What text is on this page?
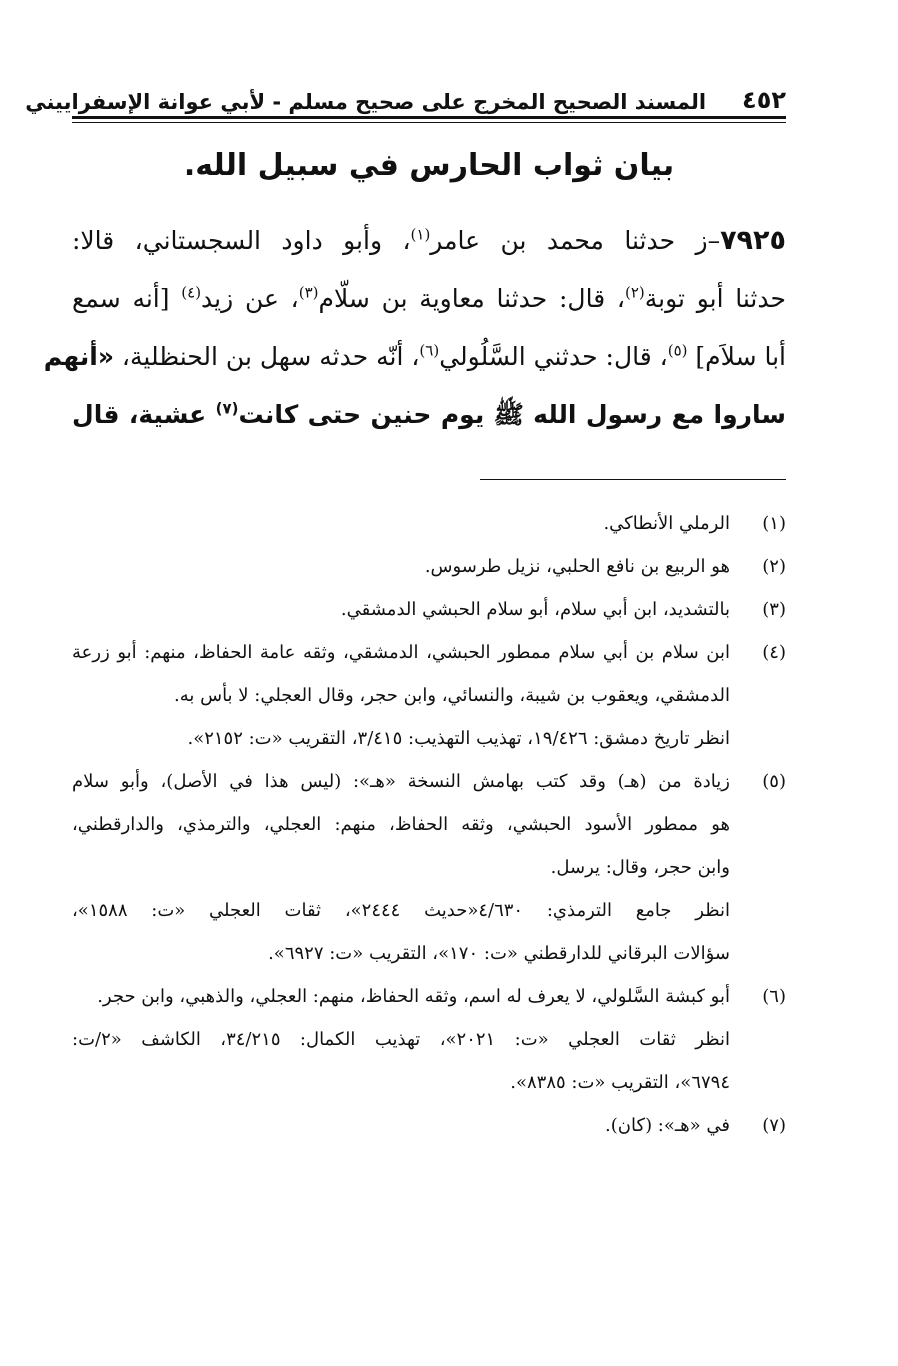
٤٥٢
المسند الصحيح المخرج على صحيح مسلم - لأبي عوانة الإسفراييني
بيان ثواب الحارس في سبيل الله.
٧٩٢٥–ز حدثنا محمد بن عامر$^{(١)}$، وأبو داود السجستاني، قالا:
حدثنا أبو توبة$^{(٢)}$، قال: حدثنا معاوية بن سلّام$^{(٣)}$، عن زيد$^{(٤)}$ [أنه سمع
أبا سلاَم] $^{(٥)}$، قال: حدثني السَّلُولي$^{(٦)}$، أنّه حدثه سهل بن الحنظلية، «أنهم
ساروا مع رسول الله ﷺ يوم حنين حتى كانت$^{(٧)}$ عشية، قال
(١)
الرملي الأنطاكي.
(٢)
هو الربيع بن نافع الحلبي، نزيل طرسوس.
(٣)
بالتشديد، ابن أبي سلام، أبو سلام الحبشي الدمشقي.
(٤)
ابن سلام بن أبي سلام ممطور الحبشي، الدمشقي، وثقه عامة الحفاظ، منهم: أبو زرعة
الدمشقي، ويعقوب بن شيبة، والنسائي، وابن حجر، وقال العجلي: لا بأس به.
انظر تاريخ دمشق: ١٩/٤٢٦، تهذيب التهذيب: ٣/٤١٥، التقريب «ت: ٢١٥٢».
(٥)
زيادة من (هـ) وقد كتب بهامش النسخة «هـ»: (ليس هذا في الأصل)، وأبو سلام
هو ممطور الأسود الحبشي، وثقه الحفاظ، منهم: العجلي، والترمذي، والدارقطني،
وابن حجر، وقال: يرسل.
انظر جامع الترمذي: ٤/٦٣٠«حديث ٢٤٤٤»، ثقات العجلي «ت: ١٥٨٨»،
سؤالات البرقاني للدارقطني «ت: ١٧٠»، التقريب «ت: ٦٩٢٧».
(٦)
أبو كبشة السَّلولي، لا يعرف له اسم، وثقه الحفاظ، منهم: العجلي، والذهبي، وابن حجر.
انظر ثقات العجلي «ت: ٢٠٢١»، تهذيب الكمال: ٣٤/٢١٥، الكاشف «٢/ت:
٦٧٩٤»، التقريب «ت: ٨٣٨٥».
(٧)
في «هـ»: (كان).
